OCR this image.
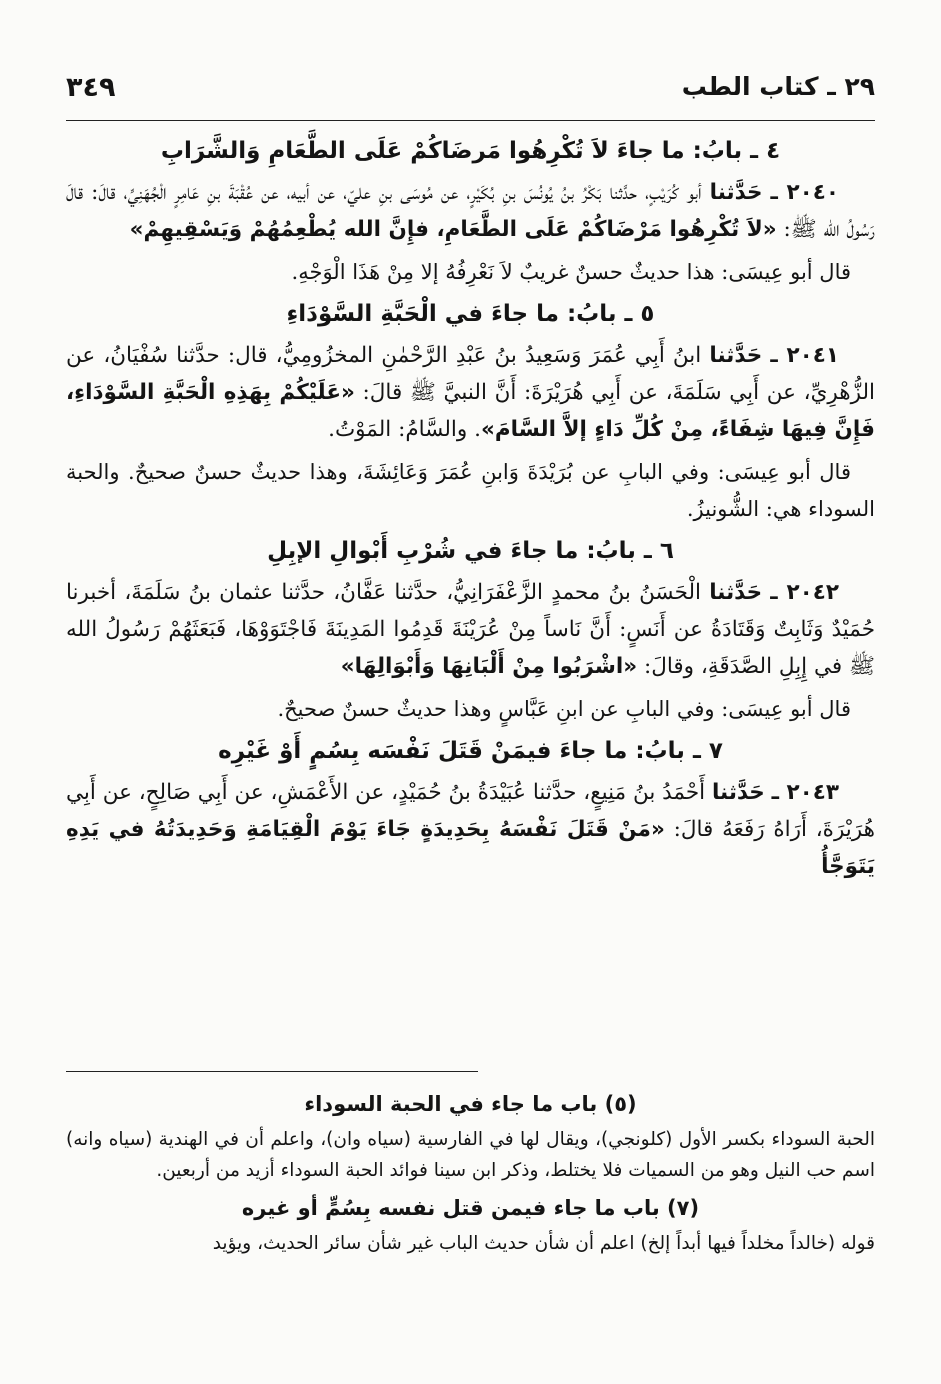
٢٩ ـ كتاب الطب
٣٤٩
٤ ـ بابُ: ما جاءَ لاَ تُكْرِهُوا مَرضَاكُمْ عَلَى الطَّعَامِ وَالشَّرَابِ

٢٠٤٠ ـ حَدَّثنا أبو كُرَيْبٍ، حدَّثنا بَكْرُ بنُ يُونُسَ بنِ بُكَيْرٍ، عن مُوسَى بنِ عليّ، عن أبيه، عن عُقْبَةَ بنِ عَامِرٍ الْجُهَنِيِّ، قالَ: قالَ رَسُولُ الله ﷺ: «لاَ تُكْرِهُوا مَرْضَاكُمْ عَلَى الطَّعَامِ، فإِنَّ الله يُطْعِمُهُمْ وَيَسْقِيهِمْ»

قال أبو عِيسَى: هذا حديثٌ حسنٌ غريبٌ لاَ نَعْرِفُهُ إلا مِنْ هَذَا الْوَجْهِ.

٥ ـ بابُ: ما جاءَ في الْحَبَّةِ السَّوْدَاءِ

٢٠٤١ ـ حَدَّثنا ابنُ أَبِي عُمَرَ وَسَعِيدُ بنُ عَبْدِ الرَّحْمٰنِ المخزُومِيُّ، قال: حدَّثنا سُفْيَانُ، عن الزُّهْرِيِّ، عن أَبِي سَلَمَةَ، عن أَبِي هُرَيْرَةَ: أَنَّ النبيَّ ﷺ قالَ: «عَلَيْكُمْ بِهَذِهِ الْحَبَّةِ السَّوْدَاءِ، فَإِنَّ فِيهَا شِفَاءً، مِنْ كُلِّ دَاءٍ إلاَّ السَّامَ». والسَّامُ: المَوْتُ.

قال أبو عِيسَى: وفي البابِ عن بُرَيْدَةَ وَابنِ عُمَرَ وَعَائِشَةَ، وهذا حديثٌ حسنٌ صحيحٌ. والحبة السوداء هي: الشُّونيزُ.

٦ ـ بابُ: ما جاءَ في شُرْبِ أَبْوالِ الإبِلِ

٢٠٤٢ ـ حَدَّثنا الْحَسَنُ بنُ محمدٍ الزَّعْفَرَانِيُّ، حدَّثنا عَفَّانُ، حدَّثنا عثمان بنُ سَلَمَةَ، أخبرنا حُمَيْدٌ وَثَابِتٌ وَقَتَادَةُ عن أَنَسٍ: أَنَّ نَاساً مِنْ عُرَيْنَةَ قَدِمُوا المَدِينَةَ فَاجْتَوَوْهَا، فَبَعَثَهُمْ رَسُولُ الله ﷺ في إِبِلِ الصَّدَقَةِ، وقالَ: «اشْرَبُوا مِنْ أَلْبَانِهَا وَأَبْوَالِهَا»

قال أبو عِيسَى: وفي البابِ عن ابنِ عَبَّاسٍ وهذا حديثٌ حسنٌ صحيحٌ.

٧ ـ بابُ: ما جاءَ فيمَنْ قَتَلَ نَفْسَه بِسُمٍ أَوْ غَيْرِه

٢٠٤٣ ـ حَدَّثنا أَحْمَدُ بنُ مَنِيعٍ، حدَّثنا عُبَيْدَةُ بنُ حُمَيْدٍ، عن الأَعْمَشِ، عن أَبِي صَالِحٍ، عن أَبِي هُرَيْرَةَ، أَرَاهُ رَفَعَهُ قالَ: «مَنْ قَتَلَ نَفْسَهُ بِحَدِيدَةٍ جَاءَ يَوْمَ الْقِيَامَةِ وَحَدِيدَتُهُ في يَدِهِ يَتَوَجَّأُ

(٥) باب ما جاء في الحبة السوداء

الحبة السوداء بكسر الأول (كلونجي)، ويقال لها في الفارسية (سياه وان)، واعلم أن في الهندية (سياه وانه) اسم حب النيل وهو من السميات فلا يختلط، وذكر ابن سينا فوائد الحبة السوداء أزيد من أربعين.

(٧) باب ما جاء فيمن قتل نفسه بِسُمٍّ أو غيره

قوله (خالداً مخلداً فيها أبداً إلخ) اعلم أن شأن حديث الباب غير شأن سائر الحديث، ويؤيد
